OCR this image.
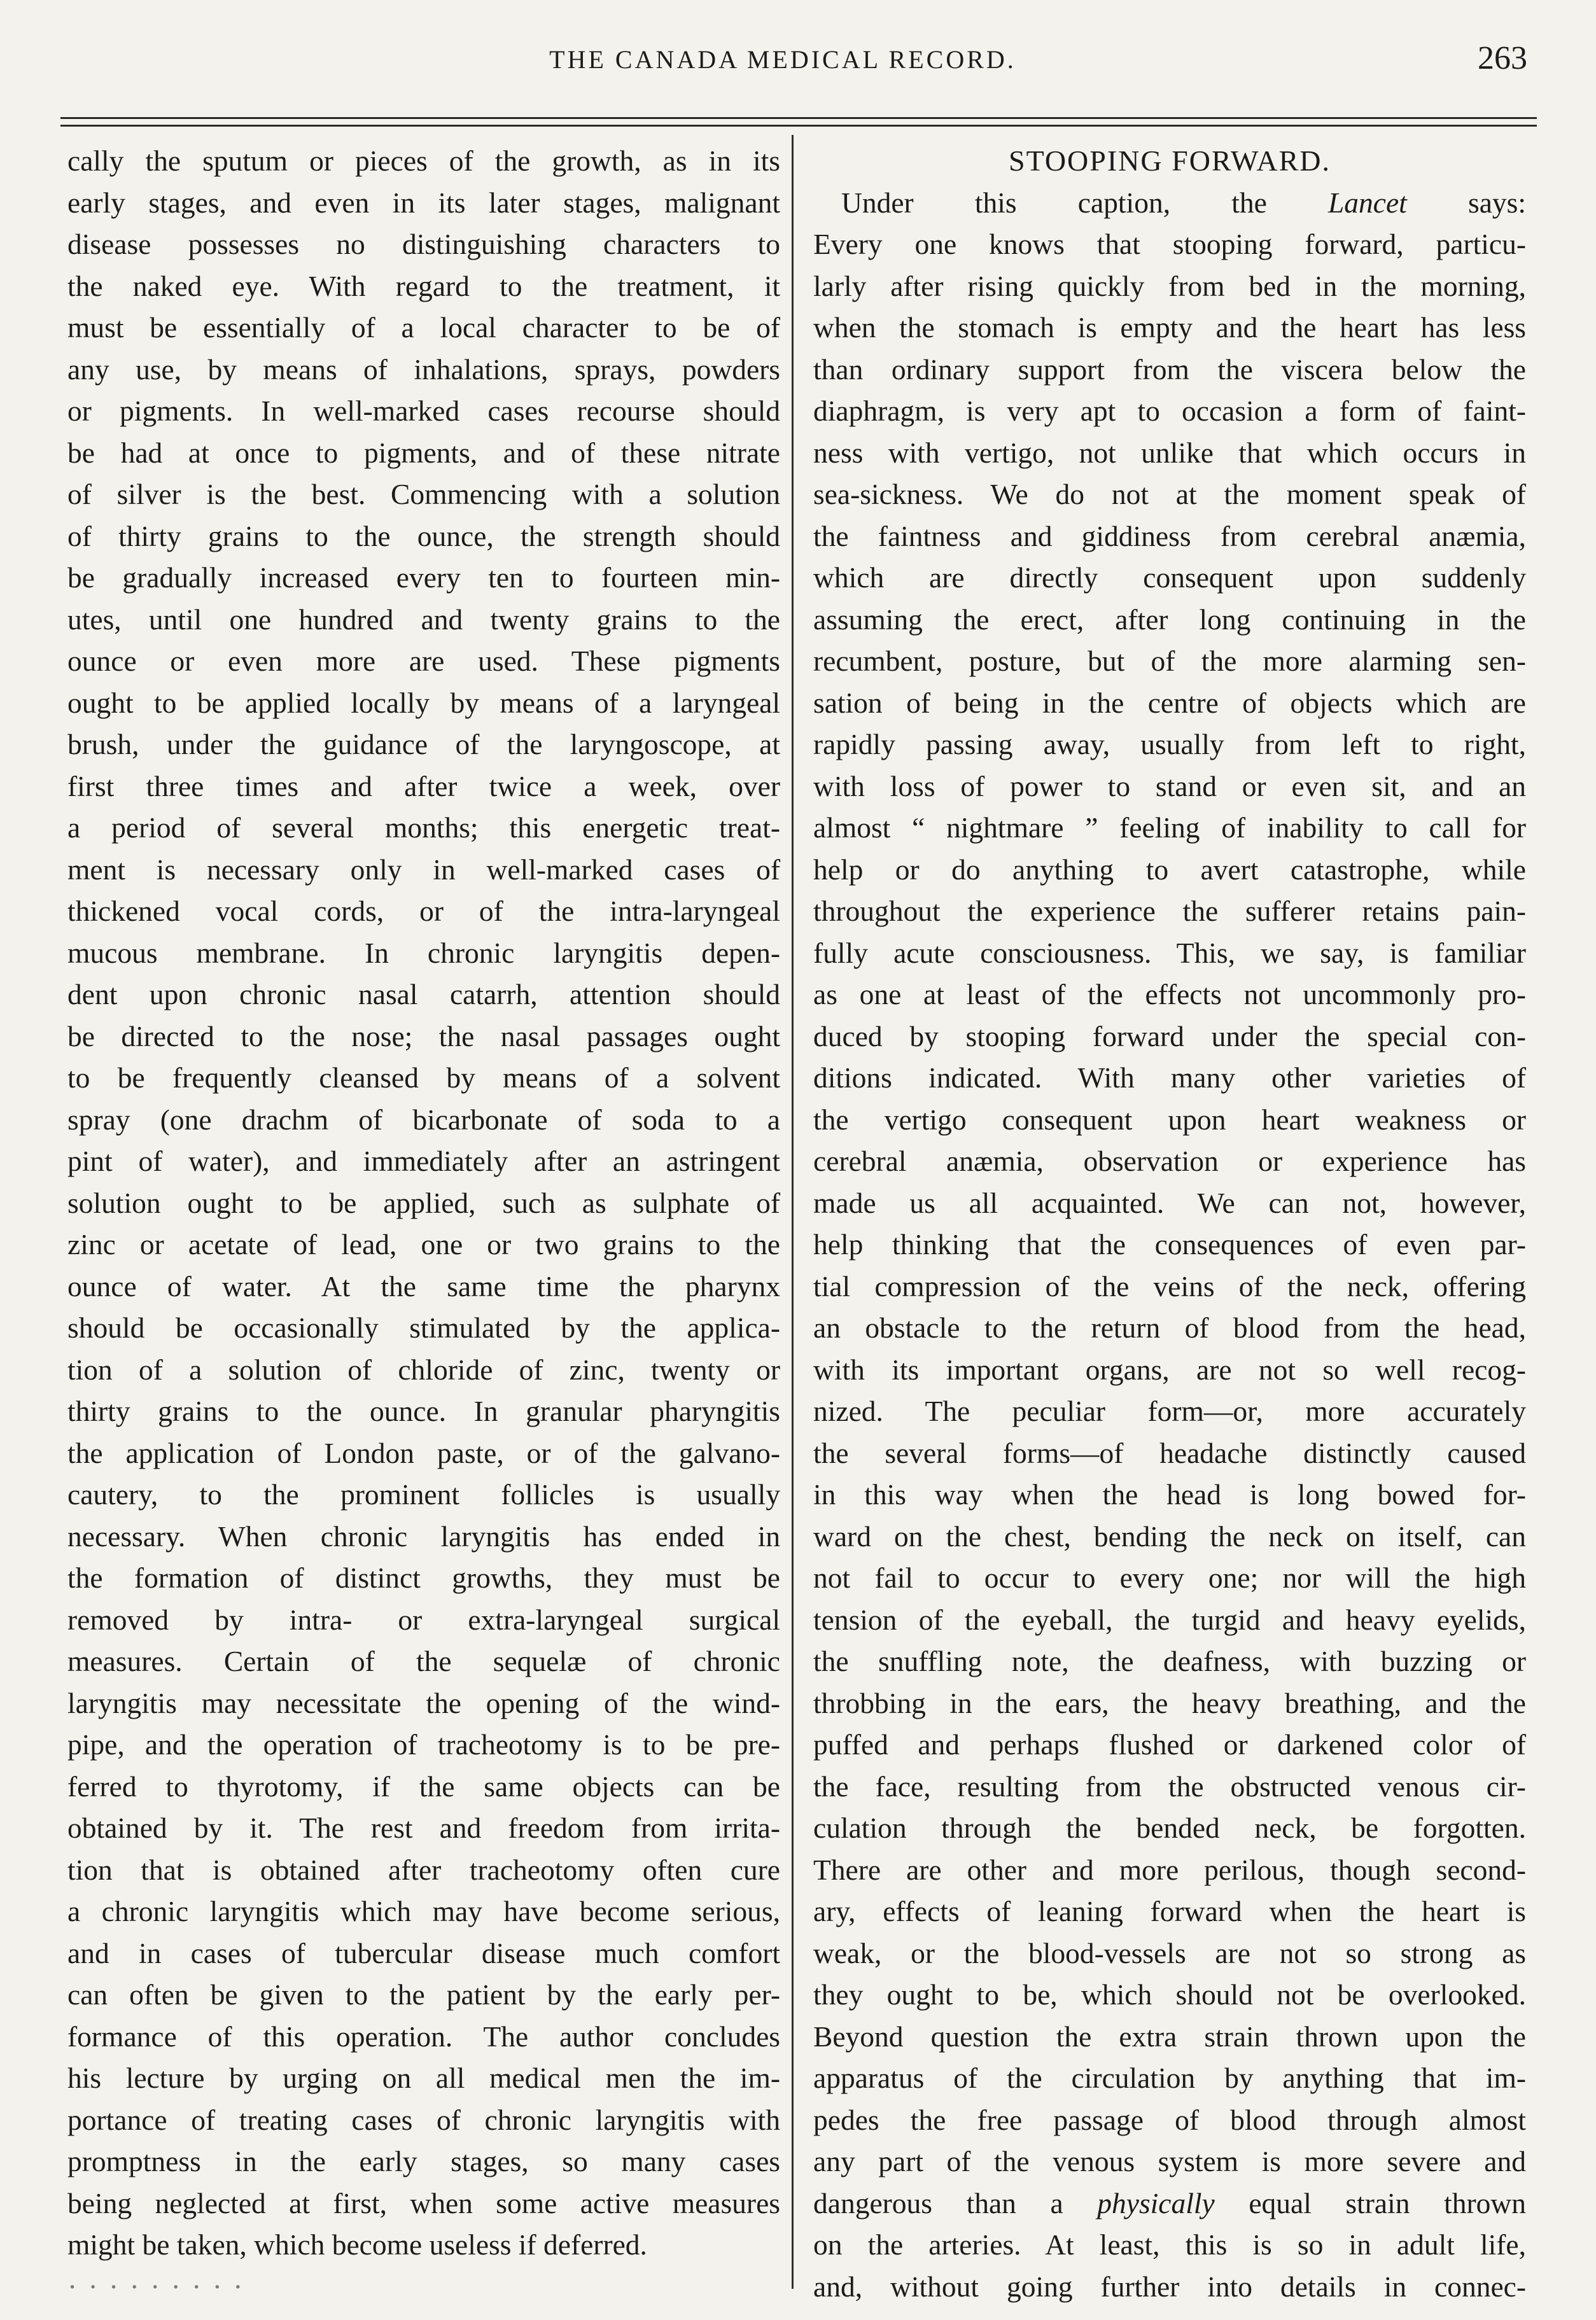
THE CANADA MEDICAL RECORD.	263
cally the sputum or pieces of the growth, as in its
early stages, and even in its later stages, malignant
disease possesses no distinguishing characters to
the naked eye. With regard to the treatment, it
must be essentially of a local character to be of
any use, by means of inhalations, sprays, powders
or pigments. In well-marked cases recourse should
be had at once to pigments, and of these nitrate
of silver is the best. Commencing with a solution
of thirty grains to the ounce, the strength should
be gradually increased every ten to fourteen min-
utes, until one hundred and twenty grains to the
ounce or even more are used. These pigments
ought to be applied locally by means of a laryngeal
brush, under the guidance of the laryngoscope, at
first three times and after twice a week, over
a period of several months; this energetic treat-
ment is necessary only in well-marked cases of
thickened vocal cords, or of the intra-laryngeal
mucous membrane. In chronic laryngitis depen-
dent upon chronic nasal catarrh, attention should
be directed to the nose; the nasal passages ought
to be frequently cleansed by means of a solvent
spray (one drachm of bicarbonate of soda to a
pint of water), and immediately after an astringent
solution ought to be applied, such as sulphate of
zinc or acetate of lead, one or two grains to the
ounce of water. At the same time the pharynx
should be occasionally stimulated by the applica-
tion of a solution of chloride of zinc, twenty or
thirty grains to the ounce. In granular pharyngitis
the application of London paste, or of the galvano-
cautery, to the prominent follicles is usually
necessary. When chronic laryngitis has ended in
the formation of distinct growths, they must be
removed by intra- or extra-laryngeal surgical
measures. Certain of the sequelæ of chronic
laryngitis may necessitate the opening of the wind-
pipe, and the operation of tracheotomy is to be pre-
ferred to thyrotomy, if the same objects can be
obtained by it. The rest and freedom from irrita-
tion that is obtained after tracheotomy often cure
a chronic laryngitis which may have become serious,
and in cases of tubercular disease much comfort
can often be given to the patient by the early per-
formance of this operation. The author concludes
his lecture by urging on all medical men the im-
portance of treating cases of chronic laryngitis with
promptness in the early stages, so many cases
being neglected at first, when some active measures
might be taken, which become useless if deferred.
· · · · · · · · ·
STOOPING FORWARD.
Under this caption, the Lancet says:
Every one knows that stooping forward, particu-
larly after rising quickly from bed in the morning,
when the stomach is empty and the heart has less
than ordinary support from the viscera below the
diaphragm, is very apt to occasion a form of faint-
ness with vertigo, not unlike that which occurs in
sea-sickness. We do not at the moment speak of
the faintness and giddiness from cerebral anæmia,
which are directly consequent upon suddenly
assuming the erect, after long continuing in the
recumbent, posture, but of the more alarming sen-
sation of being in the centre of objects which are
rapidly passing away, usually from left to right,
with loss of power to stand or even sit, and an
almost “ nightmare ” feeling of inability to call for
help or do anything to avert catastrophe, while
throughout the experience the sufferer retains pain-
fully acute consciousness. This, we say, is familiar
as one at least of the effects not uncommonly pro-
duced by stooping forward under the special con-
ditions indicated. With many other varieties of
the vertigo consequent upon heart weakness or
cerebral anæmia, observation or experience has
made us all acquainted. We can not, however,
help thinking that the consequences of even par-
tial compression of the veins of the neck, offering
an obstacle to the return of blood from the head,
with its important organs, are not so well recog-
nized. The peculiar form—or, more accurately
the several forms—of headache distinctly caused
in this way when the head is long bowed for-
ward on the chest, bending the neck on itself, can
not fail to occur to every one; nor will the high
tension of the eyeball, the turgid and heavy eyelids,
the snuffling note, the deafness, with buzzing or
throbbing in the ears, the heavy breathing, and the
puffed and perhaps flushed or darkened color of
the face, resulting from the obstructed venous cir-
culation through the bended neck, be forgotten.
There are other and more perilous, though second-
ary, effects of leaning forward when the heart is
weak, or the blood-vessels are not so strong as
they ought to be, which should not be overlooked.
Beyond question the extra strain thrown upon the
apparatus of the circulation by anything that im-
pedes the free passage of blood through almost
any part of the venous system is more severe and
dangerous than a physically equal strain thrown
on the arteries. At least, this is so in adult life,
and, without going further into details in connec-
